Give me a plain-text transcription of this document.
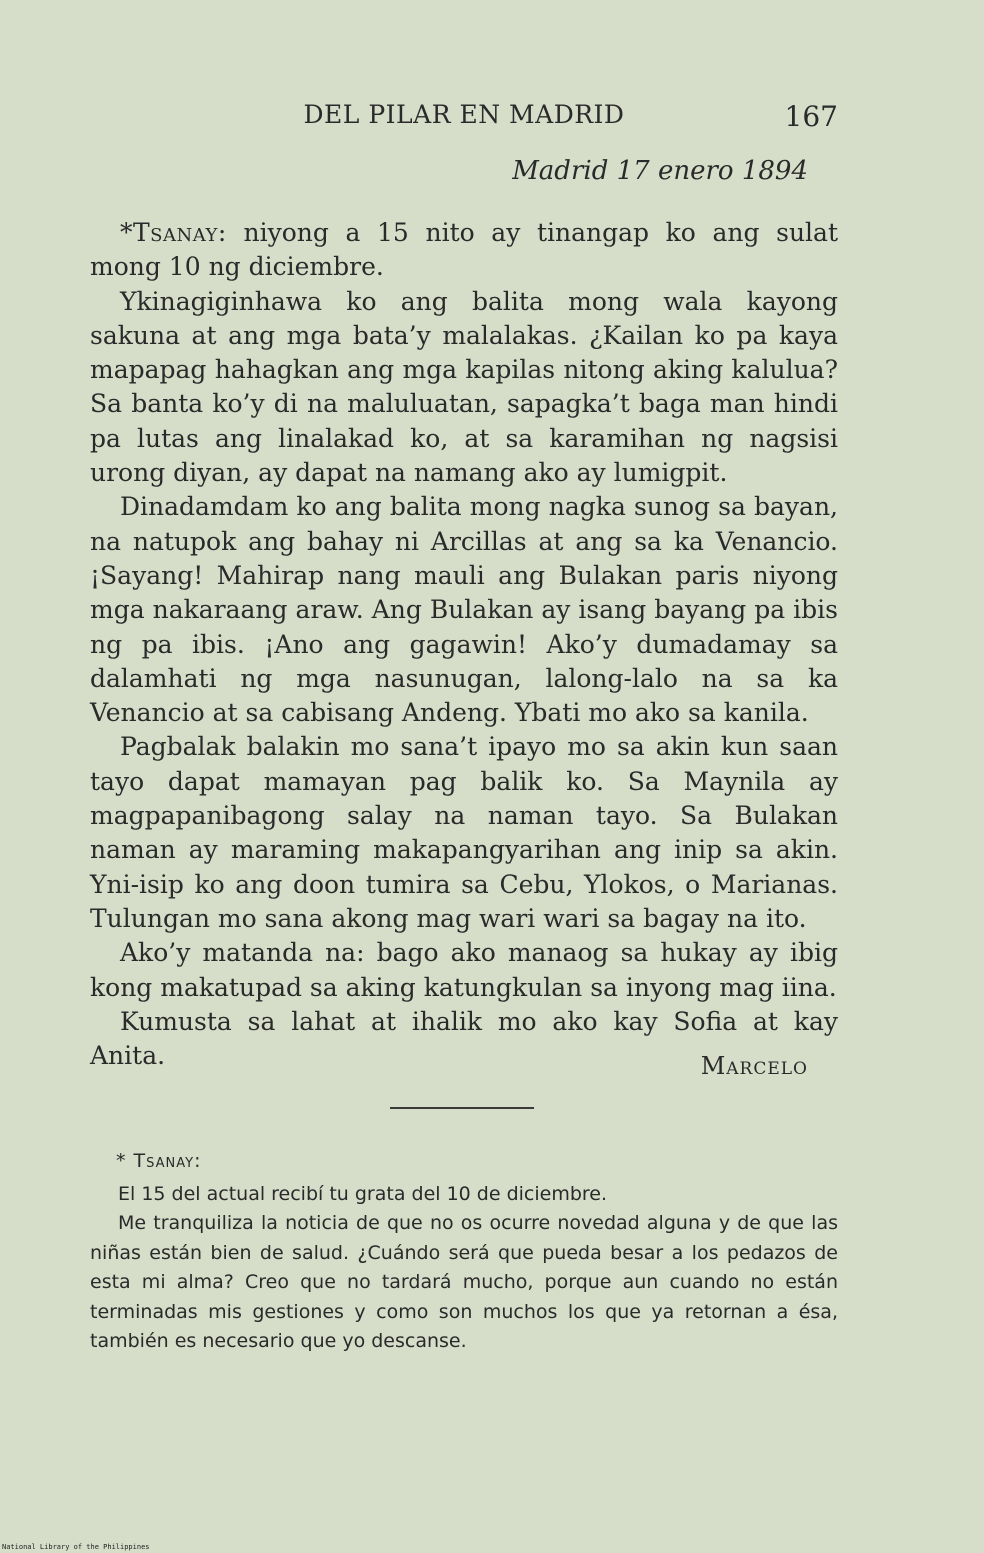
DEL PILAR EN MADRID	167
Madrid 17 enero 1894

*Tsanay: niyong a 15 nito ay tinangap ko ang sulat mong 10 ng diciembre.

Ykinagiginhawa ko ang balita mong wala kayong sakuna at ang mga bata’y malalakas. ¿Kailan ko pa kaya mapapag hahagkan ang mga kapilas nitong aking kalulua? Sa banta ko’y di na maluluatan, sapagka’t baga man hindi pa lutas ang linalakad ko, at sa karamihan ng nagsisi urong diyan, ay dapat na namang ako ay lumigpit.

Dinadamdam ko ang balita mong nagka sunog sa bayan, na natupok ang bahay ni Arcillas at ang sa ka Venancio. ¡Sayang! Mahirap nang mauli ang Bulakan paris niyong mga nakaraang araw. Ang Bulakan ay isang bayang pa ibis ng pa ibis. ¡Ano ang gagawin! Ako’y dumadamay sa dalamhati ng mga nasunugan, lalong-lalo na sa ka Venancio at sa cabisang Andeng. Ybati mo ako sa kanila.

Pagbalak balakin mo sana’t ipayo mo sa akin kun saan tayo dapat mamayan pag balik ko. Sa Maynila ay magpapanibagong salay na naman tayo. Sa Bulakan naman ay maraming makapangyarihan ang inip sa akin. Yni-isip ko ang doon tumira sa Cebu, Ylokos, o Marianas. Tulungan mo sana akong mag wari wari sa bagay na ito.

Ako’y matanda na: bago ako manaog sa hukay ay ibig kong makatupad sa aking katungkulan sa inyong mag iina.

Kumusta sa lahat at ihalik mo ako kay Sofia at kay Anita.	Marcelo
* Tsanay:

El 15 del actual recibí tu grata del 10 de diciembre.

Me tranquiliza la noticia de que no os ocurre novedad alguna y de que las niñas están bien de salud. ¿Cuándo será que pueda besar a los pedazos de esta mi alma? Creo que no tardará mucho, porque aun cuando no están terminadas mis gestiones y como son muchos los que ya retornan a ésa, también es necesario que yo descanse.

National Library of the Philippines
